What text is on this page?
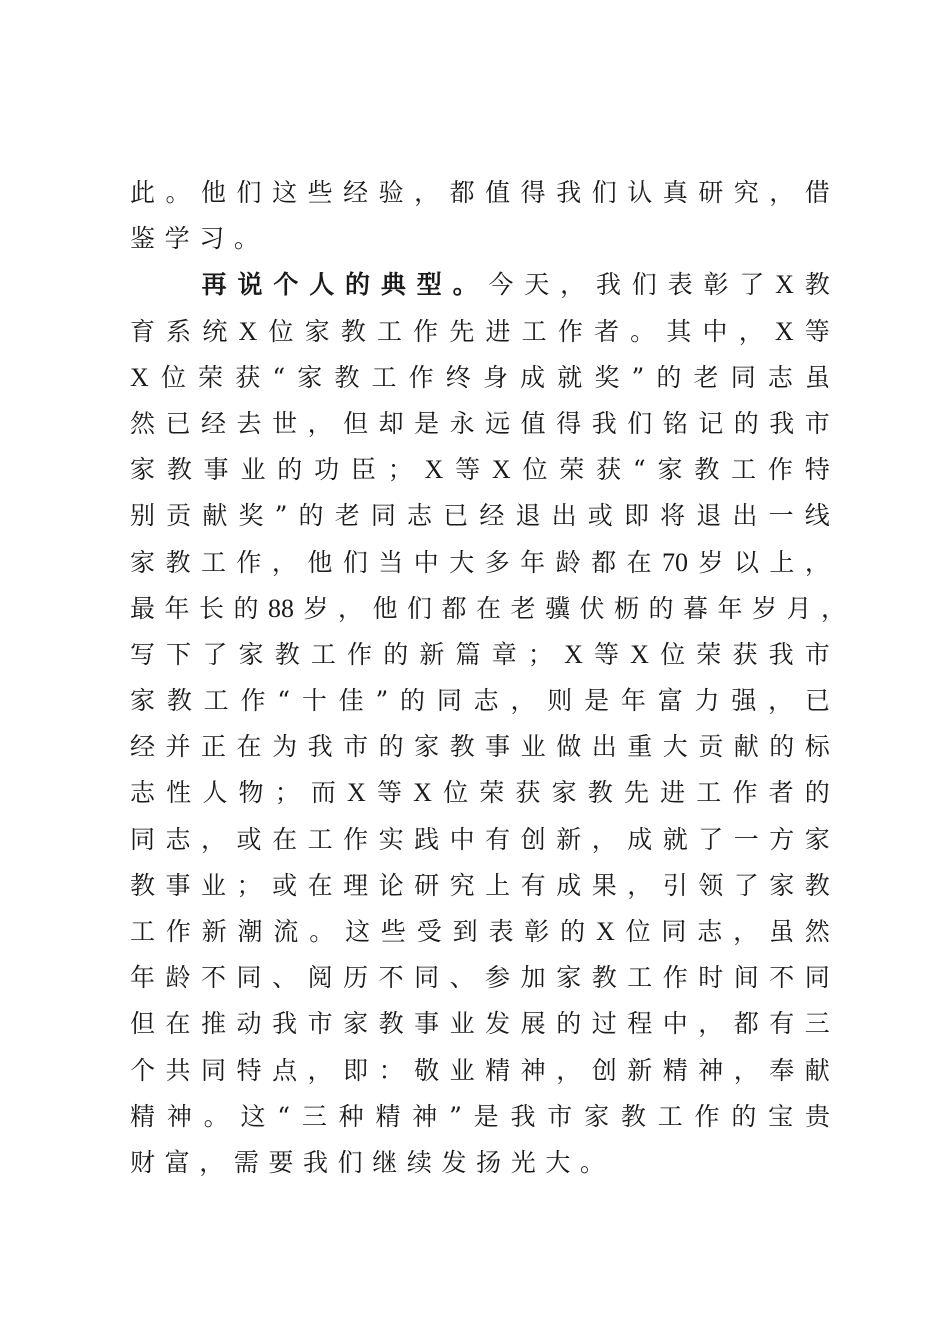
此 。 他 们 这 些 经 验 ， 都 值 得 我 们 认 真 研 究 ， 借
鉴 学 习 。

再 说 个 人 的 典 型 。 今 天 ， 我 们 表 彰 了 X 教
育 系 统 X 位 家 教 工 作 先 进 工 作 者 。 其 中 ， X 等
X 位 荣 获 “ 家 教 工 作 终 身 成 就 奖 ” 的 老 同 志 虽
然 已 经 去 世 ， 但 却 是 永 远 值 得 我 们 铭 记 的 我 市
家 教 事 业 的 功 臣 ； X 等 X 位 荣 获 “ 家 教 工 作 特
别 贡 献 奖 ” 的 老 同 志 已 经 退 出 或 即 将 退 出 一 线
家 教 工 作 ， 他 们 当 中 大 多 年 龄 都 在 70 岁 以 上 ，
最 年 长 的 88 岁 ， 他 们 都 在 老 骥 伏 枥 的 暮 年 岁 月 ，
写 下 了 家 教 工 作 的 新 篇 章 ； X 等 X 位 荣 获 我 市
家 教 工 作 “ 十 佳 ” 的 同 志 ， 则 是 年 富 力 强 ， 已
经 并 正 在 为 我 市 的 家 教 事 业 做 出 重 大 贡 献 的 标
志 性 人 物 ； 而 X 等 X 位 荣 获 家 教 先 进 工 作 者 的
同 志 ， 或 在 工 作 实 践 中 有 创 新 ， 成 就 了 一 方 家
教 事 业 ； 或 在 理 论 研 究 上 有 成 果 ， 引 领 了 家 教
工 作 新 潮 流 。 这 些 受 到 表 彰 的 X 位 同 志 ， 虽 然
年 龄 不 同 、 阅 历 不 同 、 参 加 家 教 工 作 时 间 不 同
但 在 推 动 我 市 家 教 事 业 发 展 的 过 程 中 ， 都 有 三
个 共 同 特 点 ， 即 ： 敬 业 精 神 ， 创 新 精 神 ， 奉 献
精 神 。 这 “ 三 种 精 神 ” 是 我 市 家 教 工 作 的 宝 贵
财 富 ， 需 要 我 们 继 续 发 扬 光 大 。
